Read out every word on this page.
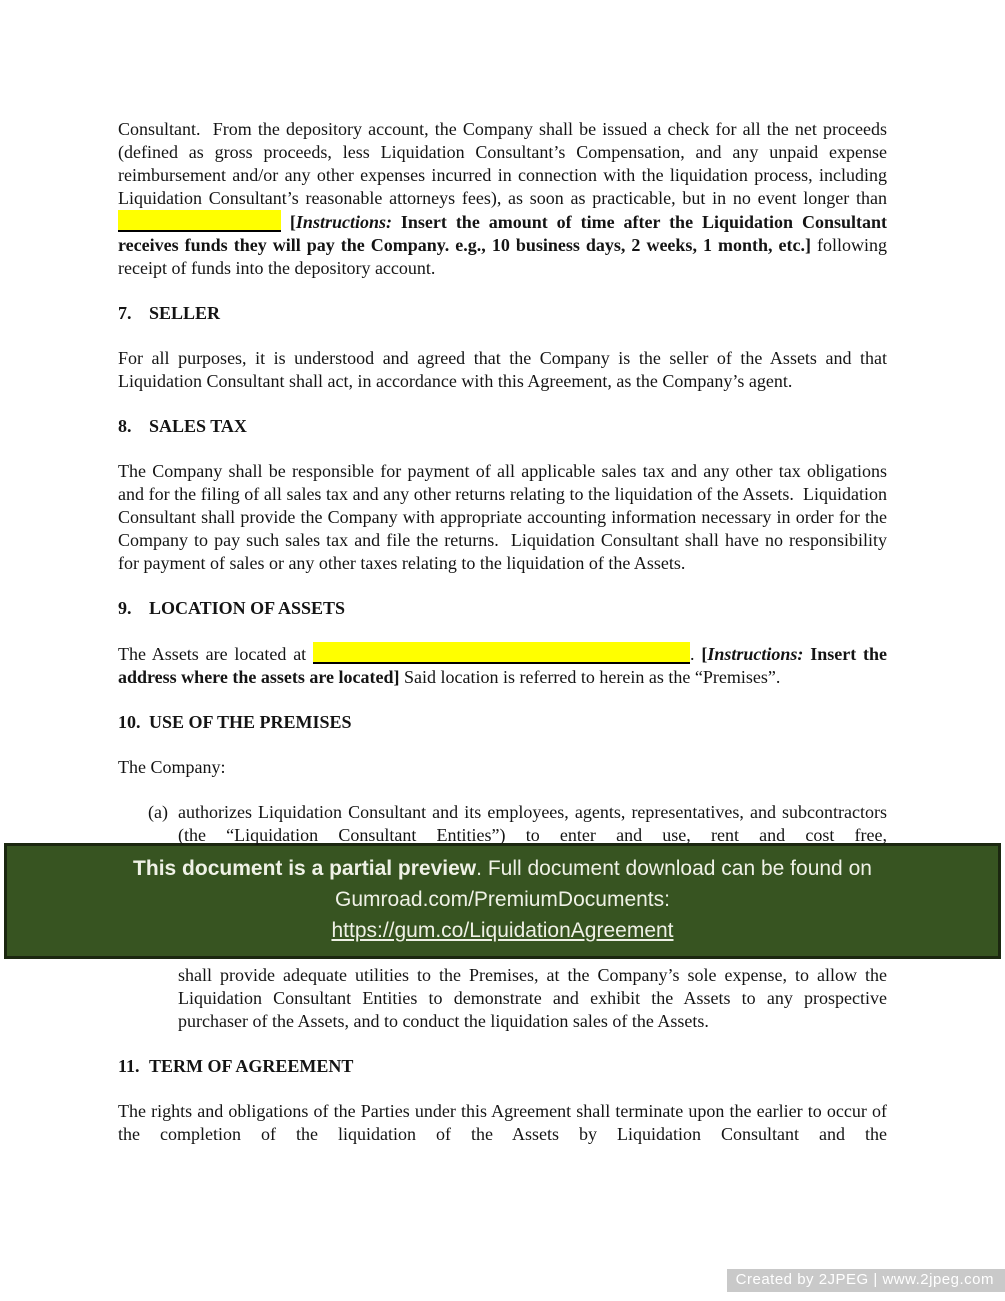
Consultant.  From the depository account, the Company shall be issued a check for all the net proceeds (defined as gross proceeds, less Liquidation Consultant’s Compensation, and any unpaid expense reimbursement and/or any other expenses incurred in connection with the liquidation process, including Liquidation Consultant’s reasonable attorneys fees), as soon as practicable, but in no event longer than  [Instructions: Insert the amount of time after the Liquidation Consultant receives funds they will pay the Company. e.g., 10 business days, 2 weeks, 1 month, etc.] following receipt of funds into the depository account.

7. SELLER

For all purposes, it is understood and agreed that the Company is the seller of the Assets and that Liquidation Consultant shall act, in accordance with this Agreement, as the Company’s agent.

8. SALES TAX

The Company shall be responsible for payment of all applicable sales tax and any other tax obligations and for the filing of all sales tax and any other returns relating to the liquidation of the Assets.  Liquidation Consultant shall provide the Company with appropriate accounting information necessary in order for the Company to pay such sales tax and file the returns.  Liquidation Consultant shall have no responsibility for payment of sales or any other taxes relating to the liquidation of the Assets.

9. LOCATION OF ASSETS

The Assets are located at	. [Instructions: Insert the address where the assets are located] Said location is referred to herein as the “Premises”.

10. USE OF THE PREMISES

The Company:

(a) authorizes Liquidation Consultant and its employees, agents, representatives, and subcontractors (the “Liquidation Consultant Entities”) to enter and use, rent and cost free,
This document is a partial preview. Full document download can be found on
Gumroad.com/PremiumDocuments:
https://gum.co/LiquidationAgreement
shall provide adequate utilities to the Premises, at the Company’s sole expense, to allow the Liquidation Consultant Entities to demonstrate and exhibit the Assets to any prospective purchaser of the Assets, and to conduct the liquidation sales of the Assets.
11. TERM OF AGREEMENT

The rights and obligations of the Parties under this Agreement shall terminate upon the earlier to occur of the completion of the liquidation of the Assets by Liquidation Consultant and the

Created by 2JPEG | www.2jpeg.com
